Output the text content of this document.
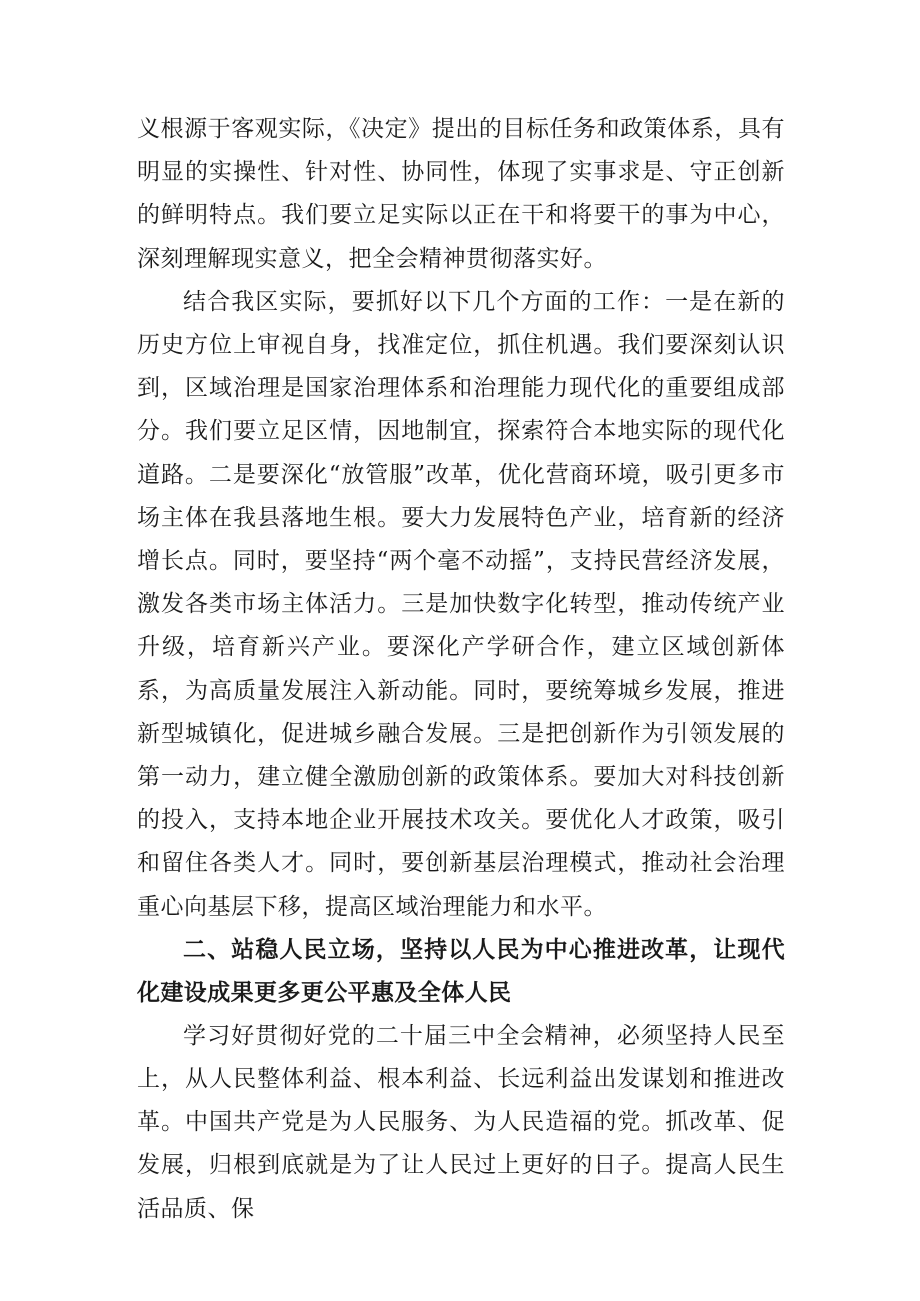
义根源于客观实际，《决定》提出的目标任务和政策体系，具有明显的实操性、针对性、协同性，体现了实事求是、守正创新的鲜明特点。我们要立足实际以正在干和将要干的事为中心，深刻理解现实意义，把全会精神贯彻落实好。

结合我区实际，要抓好以下几个方面的工作：一是在新的历史方位上审视自身，找准定位，抓住机遇。我们要深刻认识到，区域治理是国家治理体系和治理能力现代化的重要组成部分。我们要立足区情，因地制宜，探索符合本地实际的现代化道路。二是要深化“放管服”改革，优化营商环境，吸引更多市场主体在我县落地生根。要大力发展特色产业，培育新的经济增长点。同时，要坚持“两个毫不动摇”，支持民营经济发展，激发各类市场主体活力。三是加快数字化转型，推动传统产业升级，培育新兴产业。要深化产学研合作，建立区域创新体系，为高质量发展注入新动能。同时，要统筹城乡发展，推进新型城镇化，促进城乡融合发展。三是把创新作为引领发展的第一动力，建立健全激励创新的政策体系。要加大对科技创新的投入，支持本地企业开展技术攻关。要优化人才政策，吸引和留住各类人才。同时，要创新基层治理模式，推动社会治理重心向基层下移，提高区域治理能力和水平。

二、站稳人民立场，坚持以人民为中心推进改革，让现代化建设成果更多更公平惠及全体人民

学习好贯彻好党的二十届三中全会精神，必须坚持人民至上，从人民整体利益、根本利益、长远利益出发谋划和推进改革。中国共产党是为人民服务、为人民造福的党。抓改革、促发展，归根到底就是为了让人民过上更好的日子。提高人民生活品质、保
